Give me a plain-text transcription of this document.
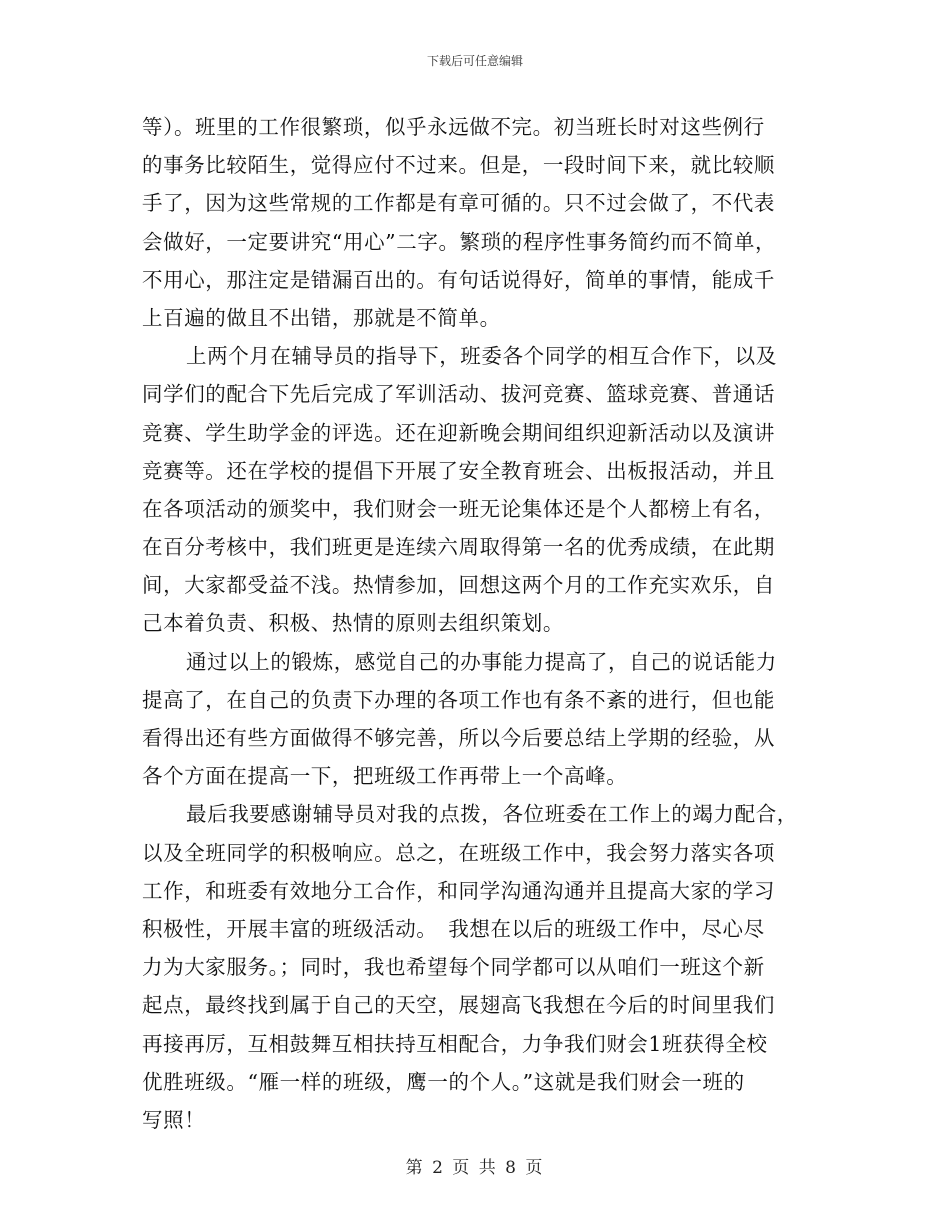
下载后可任意编辑
等）。班里的工作很繁琐，似乎永远做不完。初当班长时对这些例行
的事务比较陌生，觉得应付不过来。但是，一段时间下来，就比较顺
手了，因为这些常规的工作都是有章可循的。只不过会做了，不代表
会做好，一定要讲究“用心”二字。繁琐的程序性事务简约而不简单，
不用心，那注定是错漏百出的。有句话说得好，简单的事情，能成千
上百遍的做且不出错，那就是不简单。
上两个月在辅导员的指导下，班委各个同学的相互合作下，以及
同学们的配合下先后完成了军训活动、拔河竞赛、篮球竞赛、普通话
竞赛、学生助学金的评选。还在迎新晚会期间组织迎新活动以及演讲
竞赛等。还在学校的提倡下开展了安全教育班会、出板报活动，并且
在各项活动的颁奖中，我们财会一班无论集体还是个人都榜上有名，
在百分考核中，我们班更是连续六周取得第一名的优秀成绩，在此期
间，大家都受益不浅。热情参加，回想这两个月的工作充实欢乐，自
己本着负责、积极、热情的原则去组织策划。
通过以上的锻炼，感觉自己的办事能力提高了，自己的说话能力
提高了，在自己的负责下办理的各项工作也有条不紊的进行，但也能
看得出还有些方面做得不够完善，所以今后要总结上学期的经验，从
各个方面在提高一下，把班级工作再带上一个高峰。
最后我要感谢辅导员对我的点拨，各位班委在工作上的竭力配合，
以及全班同学的积极响应。总之，在班级工作中，我会努力落实各项
工作，和班委有效地分工合作，和同学沟通沟通并且提高大家的学习
积极性，开展丰富的班级活动。　我想在以后的班级工作中，尽心尽
力为大家服务。；同时，我也希望每个同学都可以从咱们一班这个新
起点，最终找到属于自己的天空，展翅高飞我想在今后的时间里我们
再接再厉，互相鼓舞互相扶持互相配合，力争我们财会1班获得全校
优胜班级。“雁一样的班级，鹰一的个人。”这就是我们财会一班的
写照！
第 2 页 共 8 页
